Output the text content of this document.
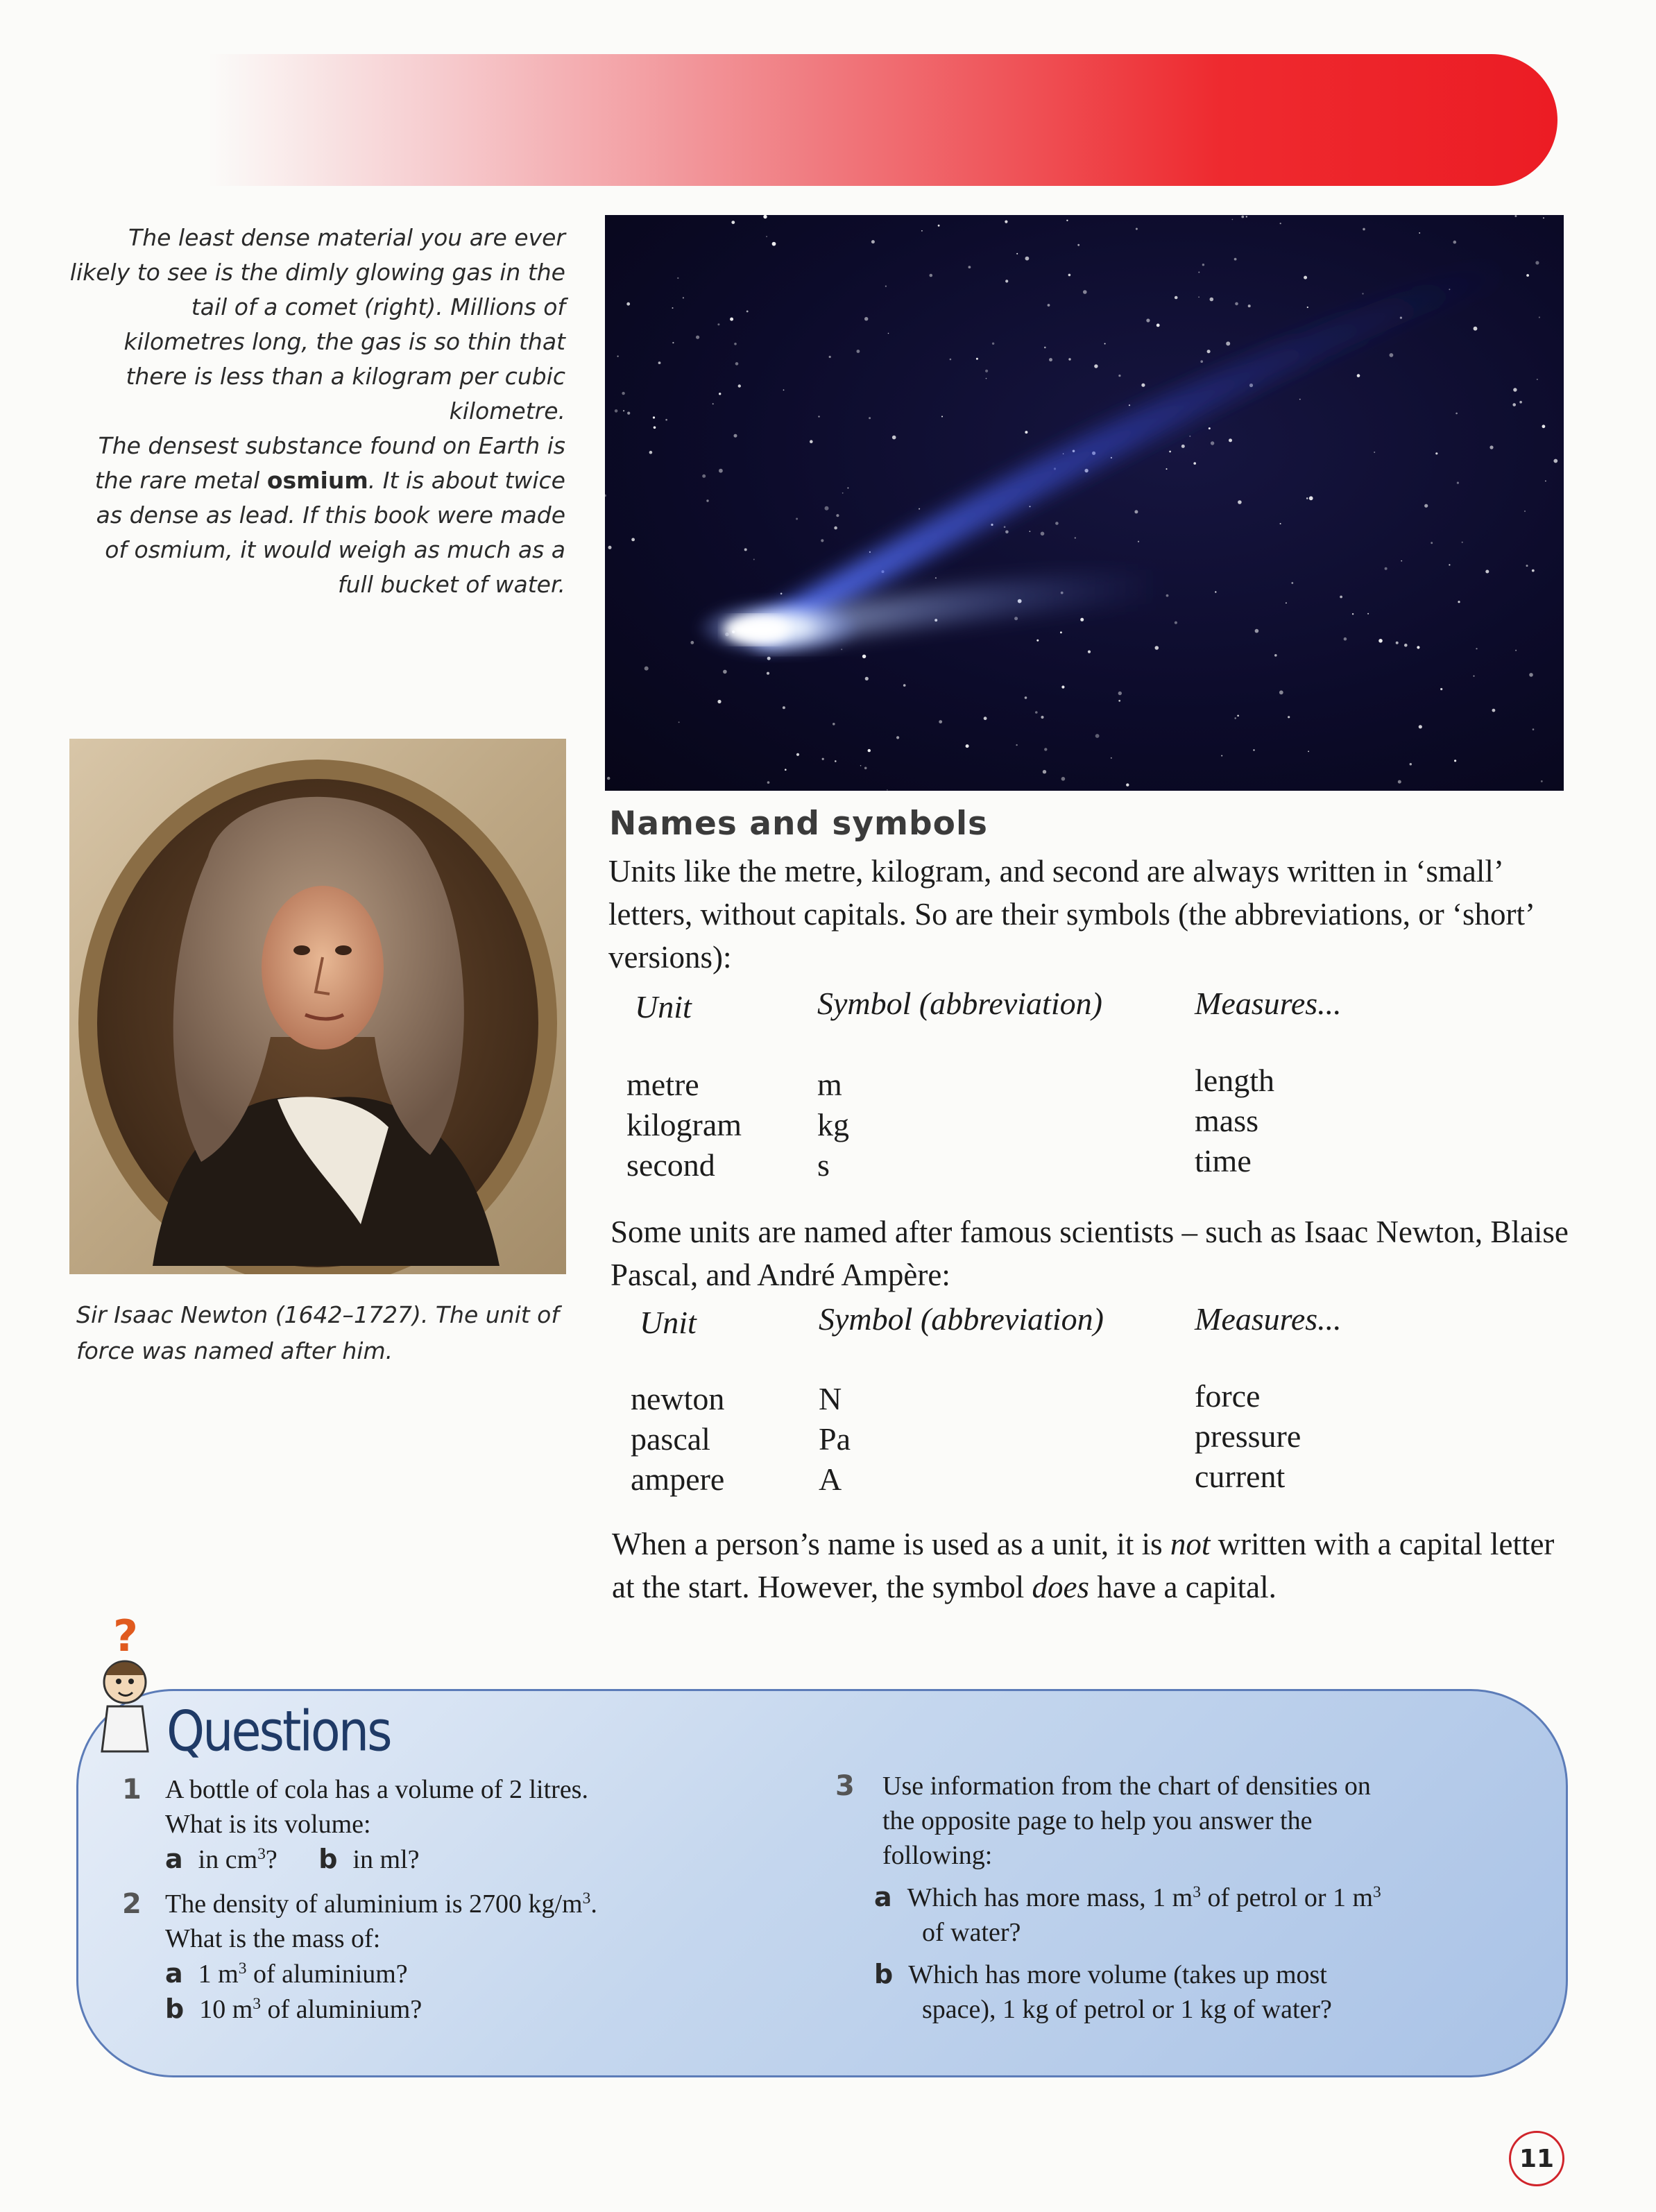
The least dense material you are ever likely to see is the dimly glowing gas in the tail of a comet (right). Millions of kilometres long, the gas is so thin that there is less than a kilogram per cubic kilometre.

The densest substance found on Earth is the rare metal osmium. It is about twice as dense as lead. If this book were made of osmium, it would weigh as much as a full bucket of water.

Sir Isaac Newton (1642–1727). The unit of force was named after him.
Names and symbols

Units like the metre, kilogram, and second are always written in ‘small’ letters, without capitals. So are their symbols (the abbreviations, or ‘short’ versions):

Unit	Symbol (abbreviation)	Measures...
metre	m	length
kilogram kg	mass
second	s	time

Some units are named after famous scientists – such as Isaac Newton, Blaise Pascal, and André Ampère:

Unit	Symbol (abbreviation)	Measures...
newton	N	force
pascal	Pa	pressure
ampere	A	current

When a person’s name is used as a unit, it is not written with a capital letter at the start. However, the symbol does have a capital.

?
Questions
1 A bottle of cola has a volume of 2 litres.
What is its volume:
a in $cm^3$? b in ml?
2 The density of aluminium is 2700 $kg/m^3$.
What is the mass of:
a 1 $m^3$ of aluminium?
b 10 $m^3$ of aluminium?
3 Use information from the chart of densities on
the opposite page to help you answer the
following:
a Which has more mass, 1 $m^3$ of petrol or 1 $m^3$
of water?
b Which has more volume (takes up most
space), 1 kg of petrol or 1 kg of water?
11
